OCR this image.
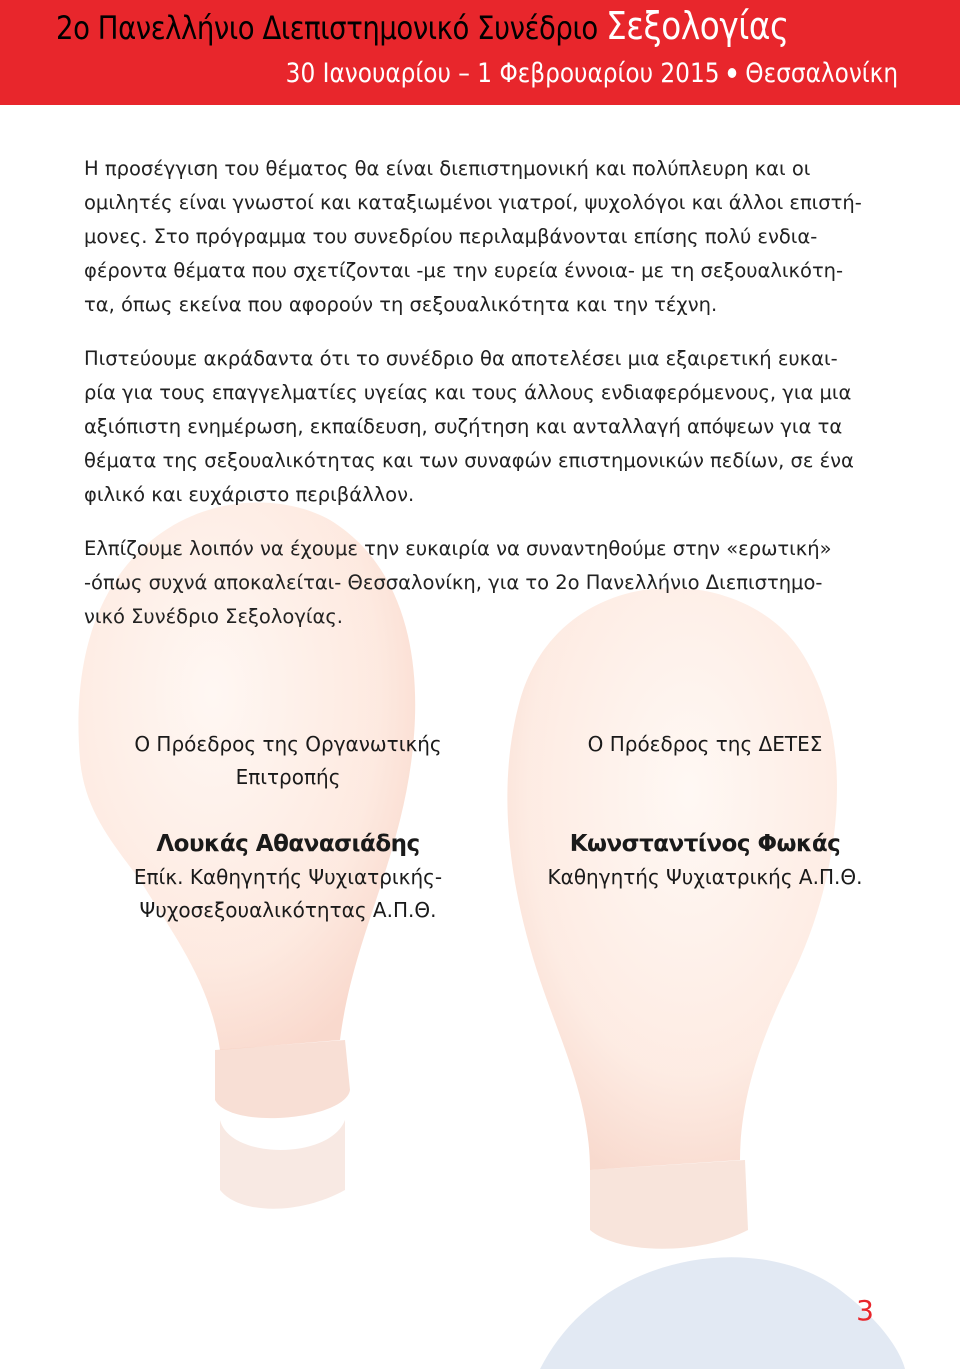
2ο Πανελλήνιο Διεπιστημονικό Συνέδριο Σεξολογίας
30 Ιανουαρίου – 1 Φεβρουαρίου 2015 Θεσσαλονίκη

Η προσέγγιση του θέματος θα είναι διεπιστημονική και πολύπλευρη και οι
ομιλητές είναι γνωστοί και καταξιωμένοι γιατροί, ψυχολόγοι και άλλοι επιστή-
μονες. Στο πρόγραμμα του συνεδρίου περιλαμβάνονται επίσης πολύ ενδια-
φέροντα θέματα που σχετίζονται -με την ευρεία έννοια- με τη σεξουαλικότη-
τα, όπως εκείνα που αφορούν τη σεξουαλικότητα και την τέχνη.

Πιστεύουμε ακράδαντα ότι το συνέδριο θα αποτελέσει μια εξαιρετική ευκαι-
ρία για τους επαγγελματίες υγείας και τους άλλους ενδιαφερόμενους, για μια
αξιόπιστη ενημέρωση, εκπαίδευση, συζήτηση και ανταλλαγή απόψεων για τα
θέματα της σεξουαλικότητας και των συναφών επιστημονικών πεδίων, σε ένα
φιλικό και ευχάριστο περιβάλλον.

Ελπίζουμε λοιπόν να έχουμε την ευκαιρία να συναντηθούμε στην «ερωτική»
-όπως συχνά αποκαλείται- Θεσσαλονίκη, για το 2ο Πανελλήνιο Διεπιστημο-
νικό Συνέδριο Σεξολογίας.

Ο Πρόεδρος της Οργανωτικής
Επιτροπής
Λουκάς Αθανασιάδης
Επίκ. Καθηγητής Ψυχιατρικής-
Ψυχοσεξουαλικότητας Α.Π.Θ.
Ο Πρόεδρος της ΔΕΤΕΣ
Κωνσταντίνος Φωκάς
Καθηγητής Ψυχιατρικής Α.Π.Θ.
3
